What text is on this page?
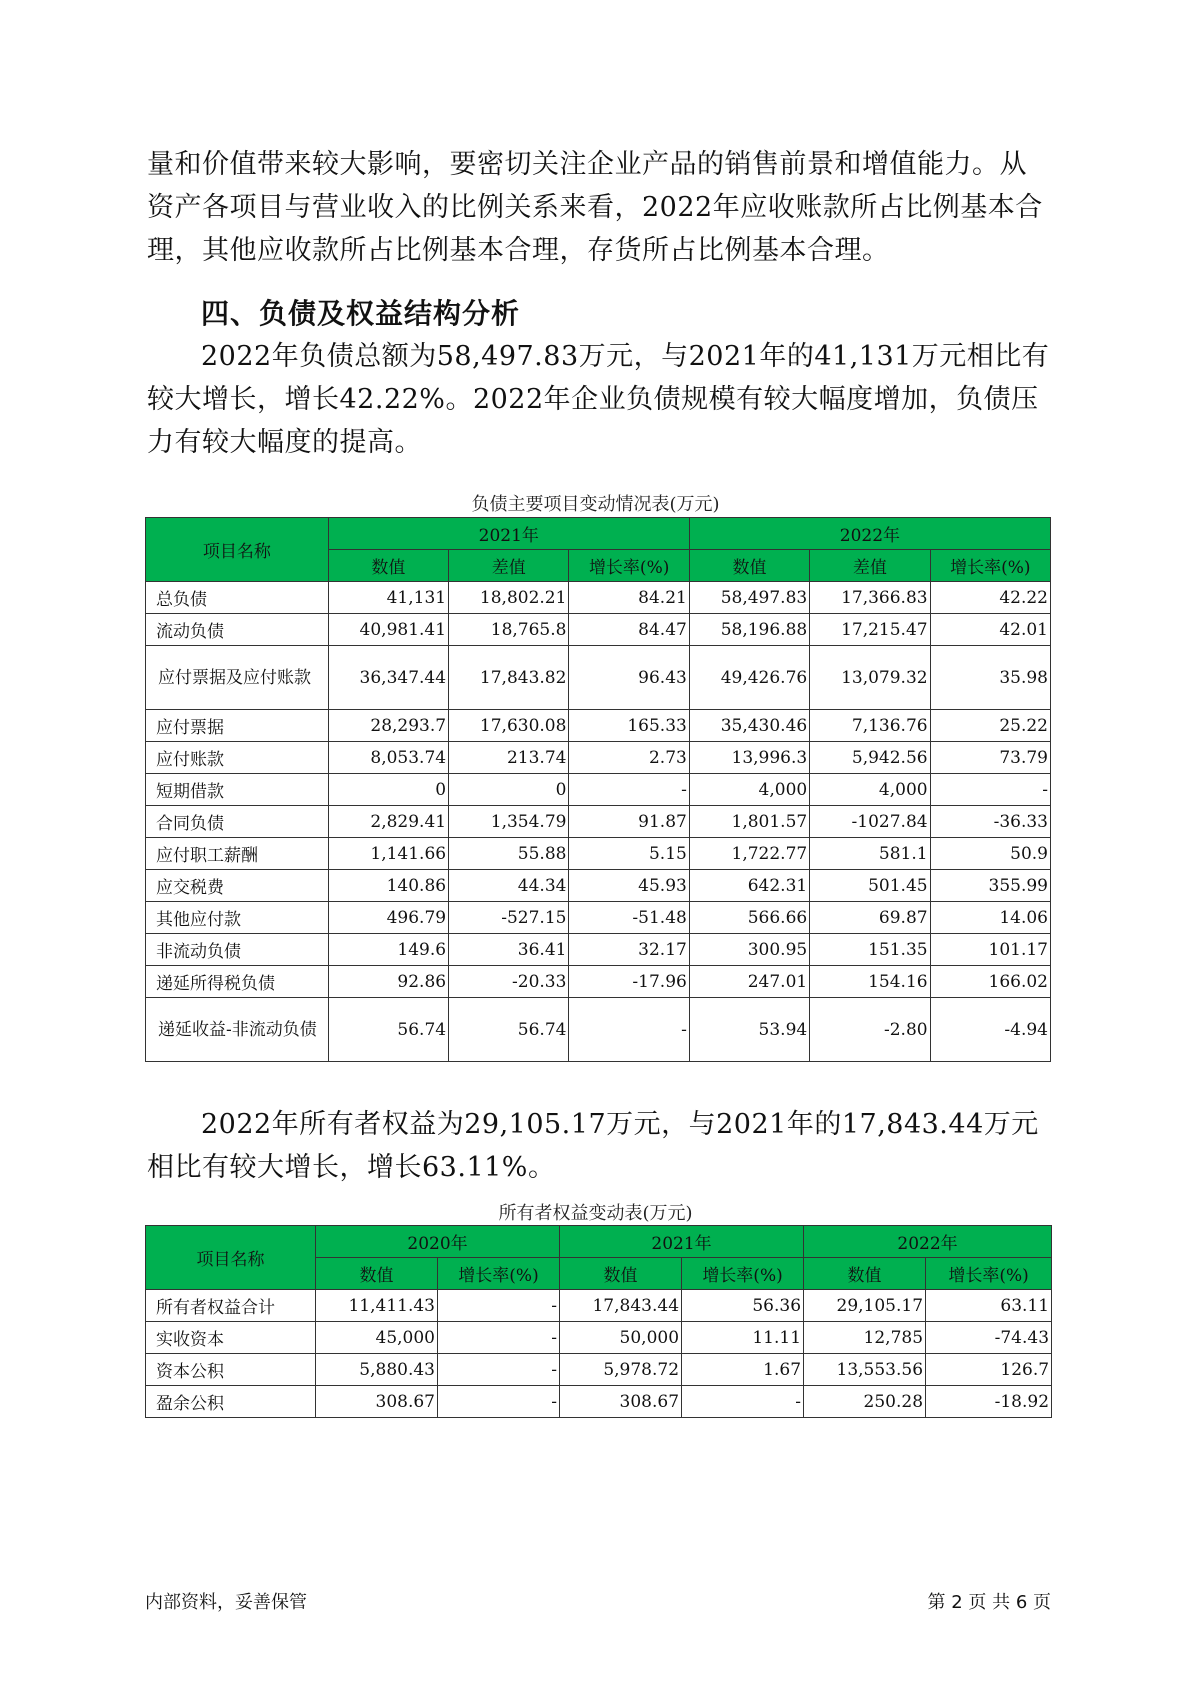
量和价值带来较大影响，要密切关注企业产品的销售前景和增值能力。从

资产各项目与营业收入的比例关系来看，2022年应收账款所占比例基本合

理，其他应收款所占比例基本合理，存货所占比例基本合理。

四、负债及权益结构分析
2022年负债总额为58,497.83万元，与2021年的41,131万元相比有较大增长，增长42.22%。2022年企业负债规模有较大幅度增加，负债压力有较大幅度的提高。
负债主要项目变动情况表(万元)
项目名称	2021年			2022年		
	数值	差值	增长率(%)	数值	差值	增长率(%)
总负债	41,131	18,802.21	84.21	58,497.83	17,366.83	42.22
流动负债	40,981.41	18,765.8	84.47	58,196.88	17,215.47	42.01
应付票据及应付账款	36,347.44	17,843.82	96.43	49,426.76	13,079.32	35.98
应付票据	28,293.7	17,630.08	165.33	35,430.46	7,136.76	25.22
应付账款	8,053.74	213.74	2.73	13,996.3	5,942.56	73.79
短期借款	0	0	-	4,000	4,000	-
合同负债	2,829.41	1,354.79	91.87	1,801.57	-1027.84	-36.33
应付职工薪酬	1,141.66	55.88	5.15	1,722.77	581.1	50.9
应交税费	140.86	44.34	45.93	642.31	501.45	355.99
其他应付款	496.79	-527.15	-51.48	566.66	69.87	14.06
非流动负债	149.6	36.41	32.17	300.95	151.35	101.17
递延所得税负债	92.86	-20.33	-17.96	247.01	154.16	166.02
递延收益-非流动负债	56.74	56.74	-	53.94	-2.80	-4.94
2022年所有者权益为29,105.17万元，与2021年的17,843.44万元相比有较大增长，增长63.11%。
所有者权益变动表(万元)
项目名称	2020年		2021年		2022年	
	数值	增长率(%)	数值	增长率(%)	数值	增长率(%)
所有者权益合计	11,411.43	-	17,843.44	56.36	29,105.17	63.11
实收资本	45,000	-	50,000	11.11	12,785	-74.43
资本公积	5,880.43	-	5,978.72	1.67	13,553.56	126.7
盈余公积	308.67	-	308.67	-	250.28	-18.92
内部资料，妥善保管	第 2 页 共 6 页
